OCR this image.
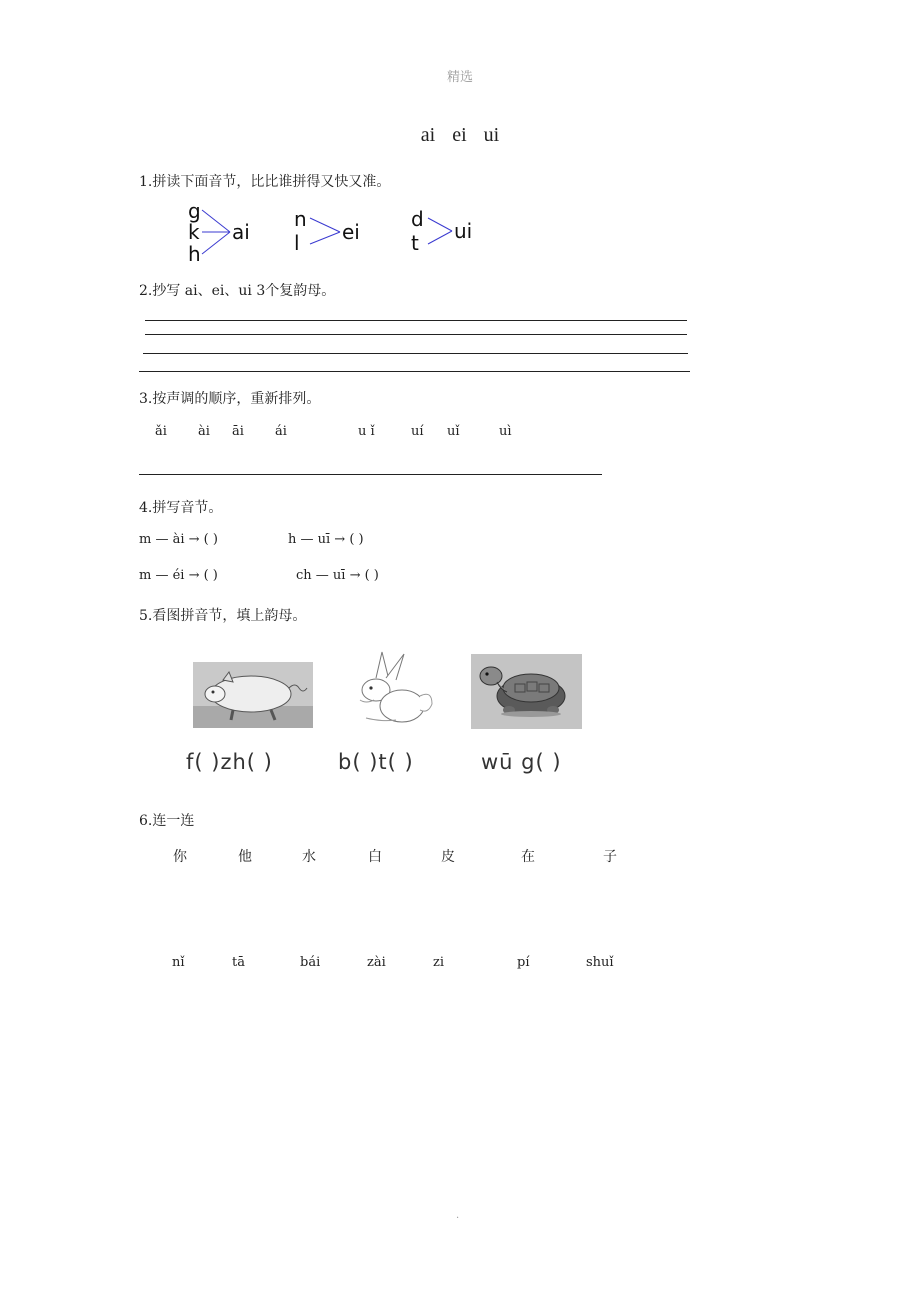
精选
ai ei ui
1.拼读下面音节，比比谁拼得又快又准。
g
k
h
ai
n
l ei
d
t ui
2.抄写 ai、ei、ui 3个复韵母。
3.按声调的顺序，重新排列。
ǎi ài āi ái	u ǐ	uí uǐ	uì
4.拼写音节。
m — ài → ( )	h — uī → ( )
m — éi → ( )	ch — uī → ( )
5.看图拼音节，填上韵母。
f( )zh( )	b( )t( )	wū g( )
6.连一连
你	他	水	白	皮	在	子
nǐ	tā	bái	zài	zi	pí	shuǐ
.
